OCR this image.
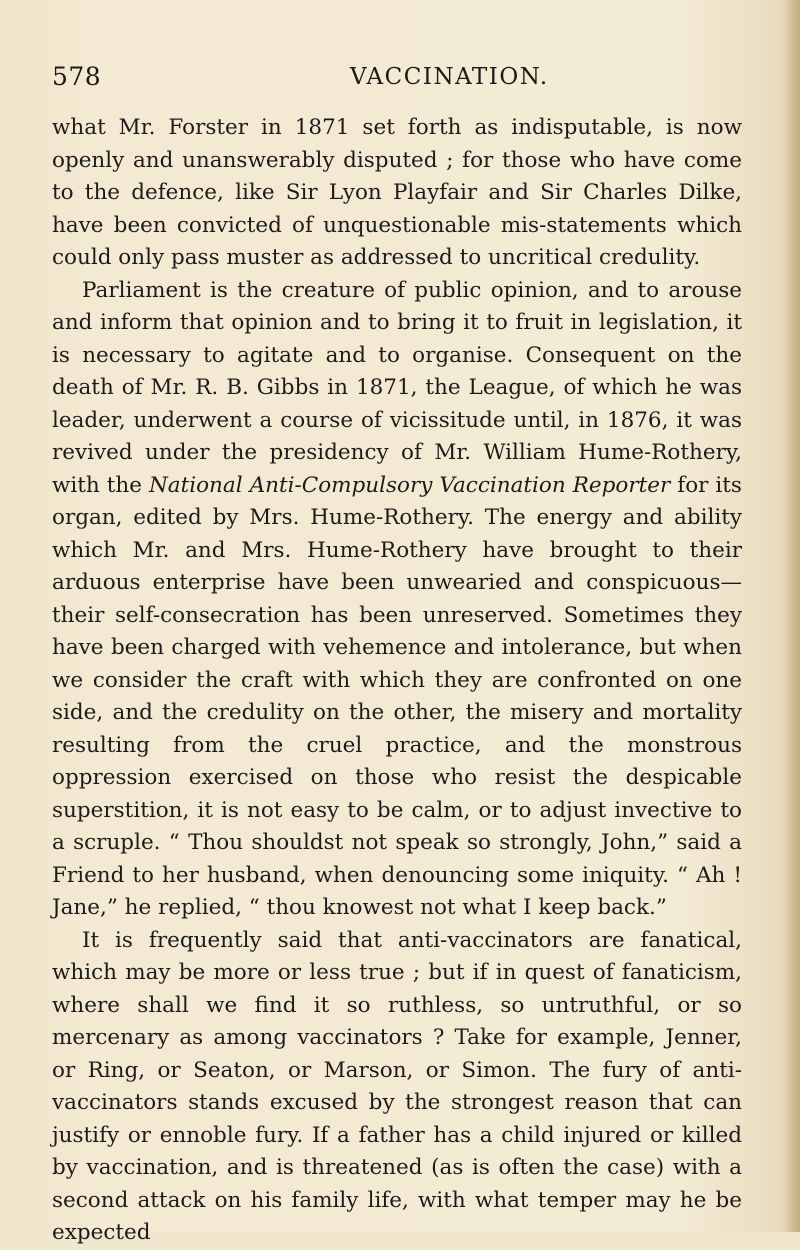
578	VACCINATION.

what Mr. Forster in 1871 set forth as indisputable, is now openly and unanswerably disputed ; for those who have come to the defence, like Sir Lyon Playfair and Sir Charles Dilke, have been convicted of unquestionable mis-statements which could only pass muster as addressed to uncritical credulity.

Parliament is the creature of public opinion, and to arouse and inform that opinion and to bring it to fruit in legislation, it is necessary to agitate and to organise. Consequent on the death of Mr. R. B. Gibbs in 1871, the League, of which he was leader, underwent a course of vicissitude until, in 1876, it was revived under the presidency of Mr. William Hume-Rothery, with the National Anti-Compulsory Vaccination Reporter for its organ, edited by Mrs. Hume-Rothery. The energy and ability which Mr. and Mrs. Hume-Rothery have brought to their arduous enterprise have been unwearied and conspicuous—their self-consecration has been unreserved. Sometimes they have been charged with vehemence and intolerance, but when we consider the craft with which they are confronted on one side, and the credulity on the other, the misery and mortality resulting from the cruel practice, and the monstrous oppression exercised on those who resist the despicable superstition, it is not easy to be calm, or to adjust invective to a scruple. “ Thou shouldst not speak so strongly, John,” said a Friend to her husband, when denouncing some iniquity. “ Ah ! Jane,” he replied, “ thou knowest not what I keep back.”

It is frequently said that anti-vaccinators are fanatical, which may be more or less true ; but if in quest of fanaticism, where shall we find it so ruthless, so untruthful, or so mercenary as among vaccinators ? Take for example, Jenner, or Ring, or Seaton, or Marson, or Simon. The fury of anti-vaccinators stands excused by the strongest reason that can justify or ennoble fury. If a father has a child injured or killed by vaccination, and is threatened (as is often the case) with a second attack on his family life, with what temper may he be expected
